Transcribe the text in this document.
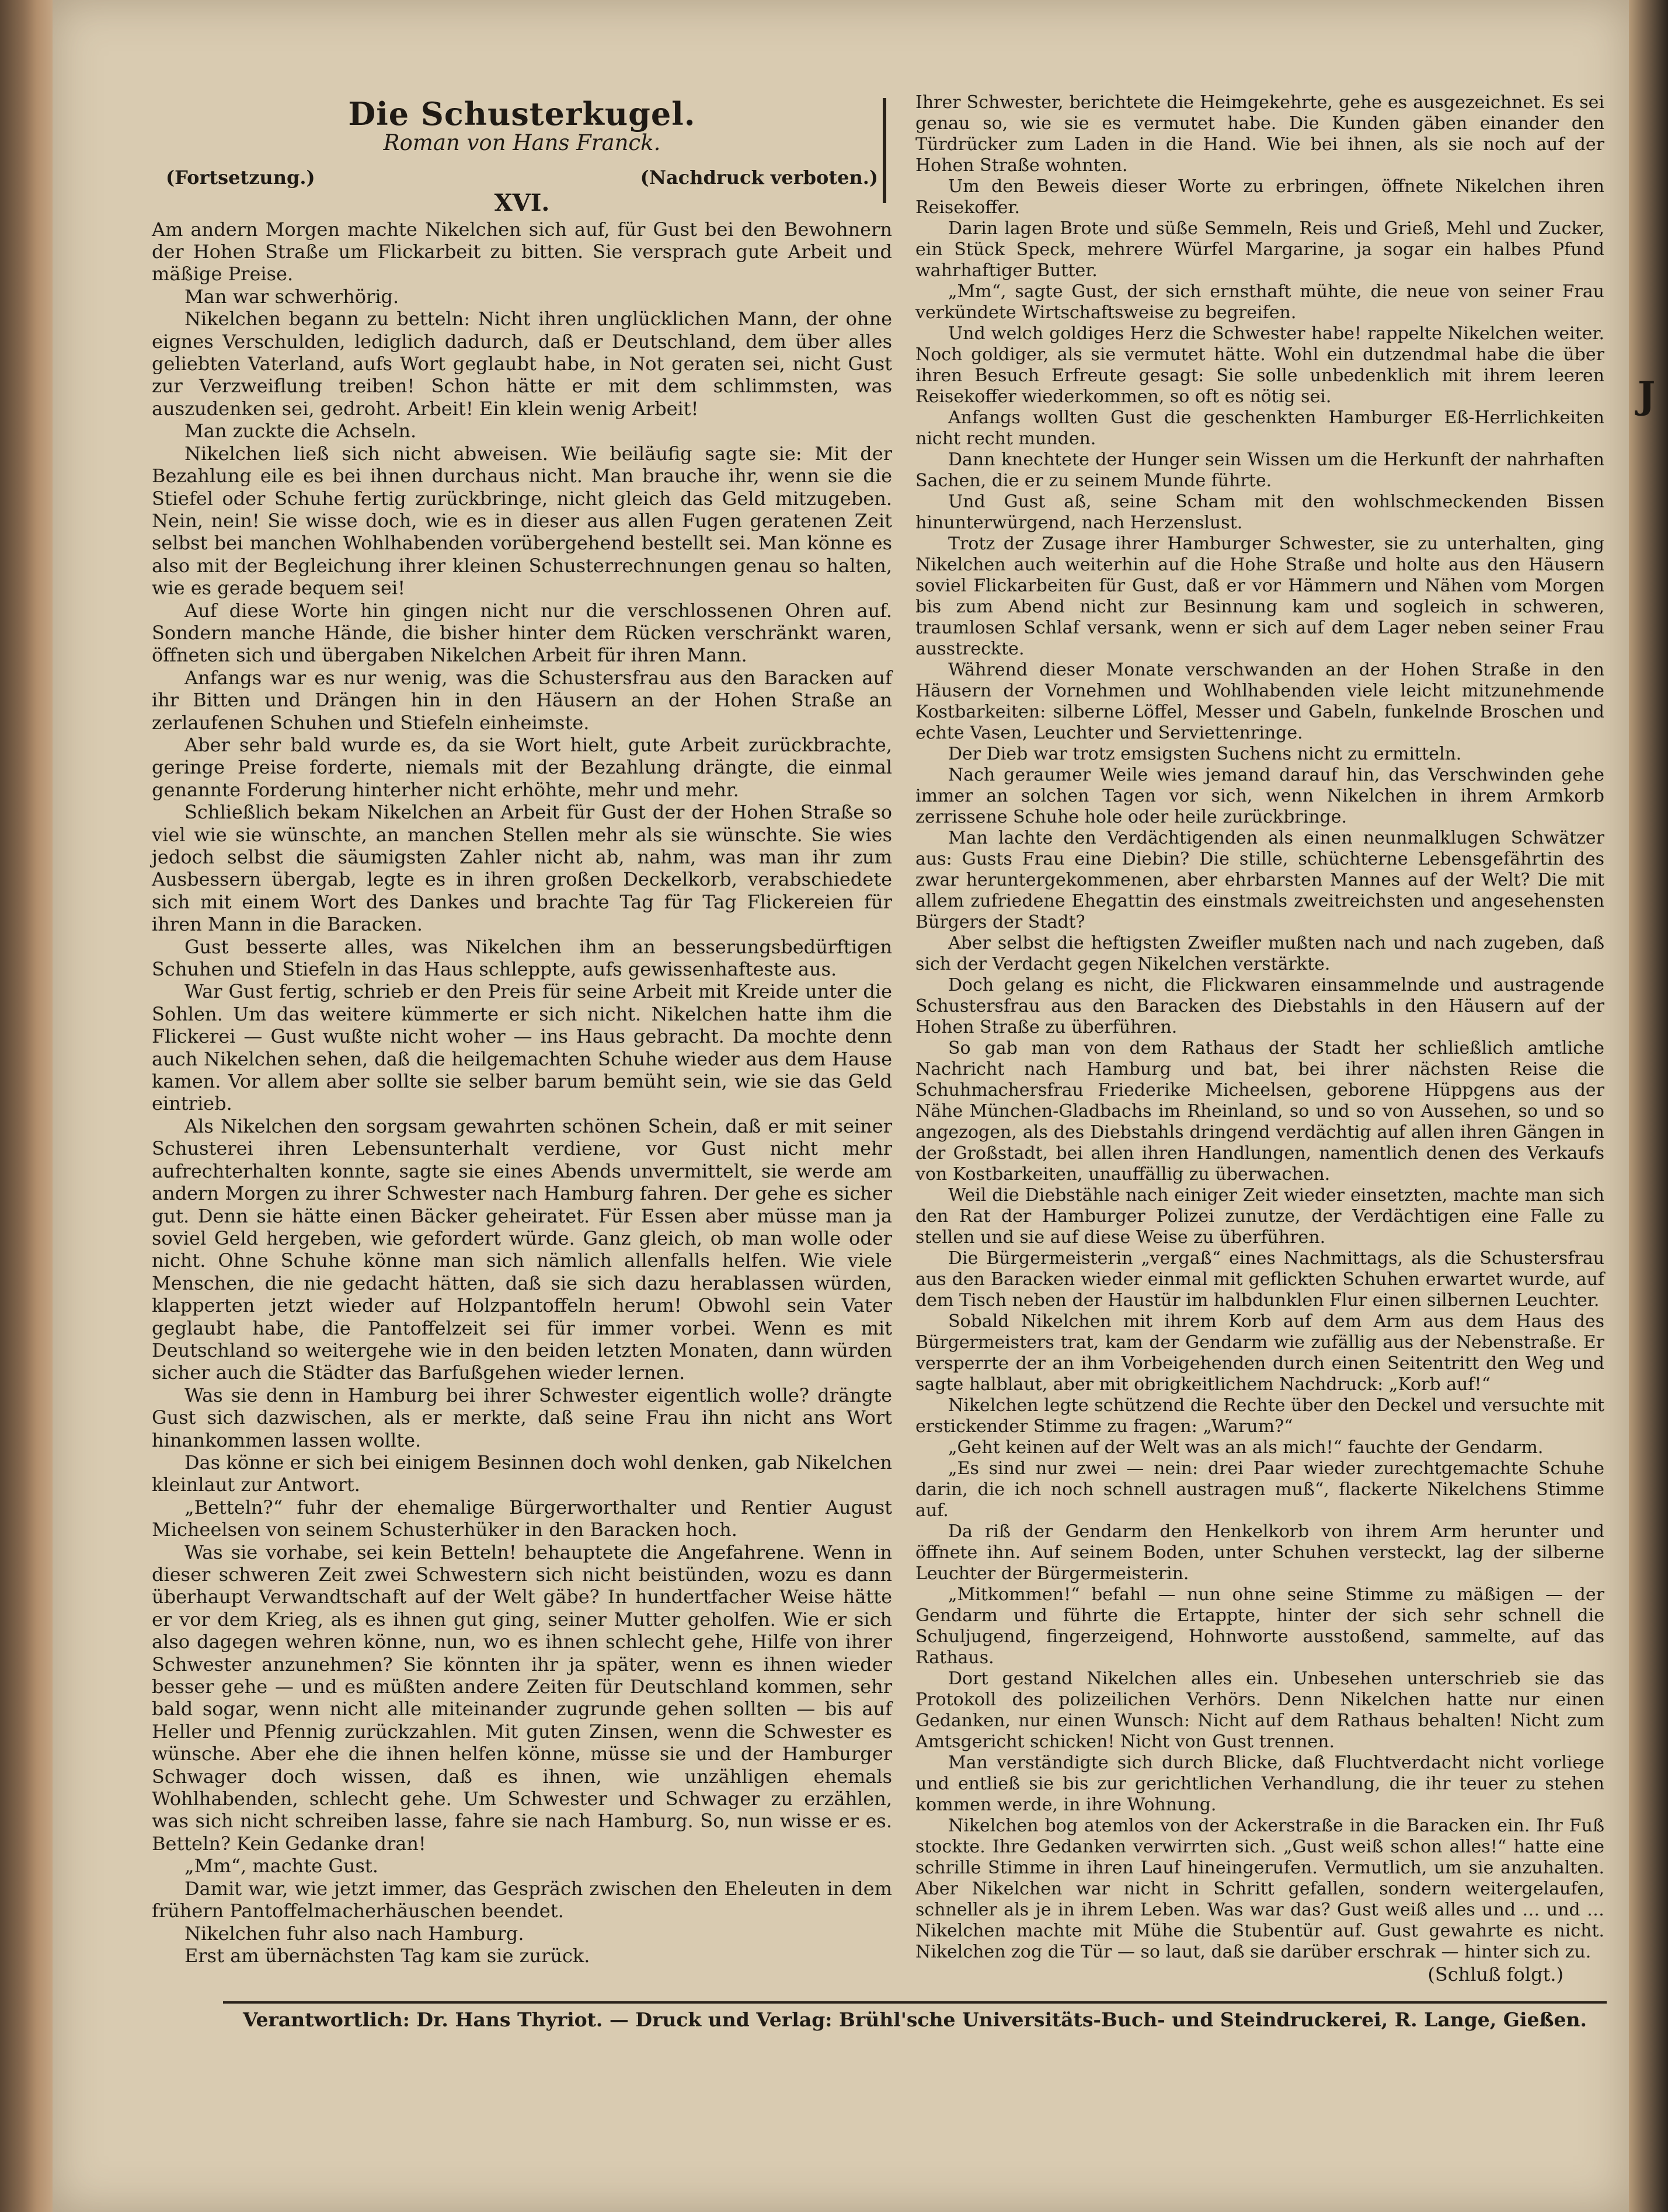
J
Die Schusterkugel.
Roman von Hans Franck.
(Fortsetzung.)	(Nachdruck verboten.)
XVI.

Am andern Morgen machte Nikelchen sich auf, für Gust bei den Bewohnern der Hohen Straße um Flickarbeit zu bitten. Sie versprach gute Arbeit und mäßige Preise.

Man war schwerhörig.

Nikelchen begann zu betteln: Nicht ihren unglücklichen Mann, der ohne eignes Verschulden, lediglich dadurch, daß er Deutschland, dem über alles geliebten Vaterland, aufs Wort geglaubt habe, in Not geraten sei, nicht Gust zur Verzweiflung treiben! Schon hätte er mit dem schlimmsten, was auszudenken sei, gedroht. Arbeit! Ein klein wenig Arbeit!

Man zuckte die Achseln.

Nikelchen ließ sich nicht abweisen. Wie beiläufig sagte sie: Mit der Bezahlung eile es bei ihnen durchaus nicht. Man brauche ihr, wenn sie die Stiefel oder Schuhe fertig zurückbringe, nicht gleich das Geld mitzugeben. Nein, nein! Sie wisse doch, wie es in dieser aus allen Fugen geratenen Zeit selbst bei manchen Wohlhabenden vorübergehend bestellt sei. Man könne es also mit der Begleichung ihrer kleinen Schusterrechnungen genau so halten, wie es gerade bequem sei!

Auf diese Worte hin gingen nicht nur die verschlossenen Ohren auf. Sondern manche Hände, die bisher hinter dem Rücken verschränkt waren, öffneten sich und übergaben Nikelchen Arbeit für ihren Mann.

Anfangs war es nur wenig, was die Schustersfrau aus den Baracken auf ihr Bitten und Drängen hin in den Häusern an der Hohen Straße an zerlaufenen Schuhen und Stiefeln einheimste.

Aber sehr bald wurde es, da sie Wort hielt, gute Arbeit zurückbrachte, geringe Preise forderte, niemals mit der Bezahlung drängte, die einmal genannte Forderung hinterher nicht erhöhte, mehr und mehr.

Schließlich bekam Nikelchen an Arbeit für Gust der der Hohen Straße so viel wie sie wünschte, an manchen Stellen mehr als sie wünschte. Sie wies jedoch selbst die säumigsten Zahler nicht ab, nahm, was man ihr zum Ausbessern übergab, legte es in ihren großen Deckelkorb, verabschiedete sich mit einem Wort des Dankes und brachte Tag für Tag Flickereien für ihren Mann in die Baracken.

Gust besserte alles, was Nikelchen ihm an besserungsbedürftigen Schuhen und Stiefeln in das Haus schleppte, aufs gewissenhafteste aus.

War Gust fertig, schrieb er den Preis für seine Arbeit mit Kreide unter die Sohlen. Um das weitere kümmerte er sich nicht. Nikelchen hatte ihm die Flickerei — Gust wußte nicht woher — ins Haus gebracht. Da mochte denn auch Nikelchen sehen, daß die heilgemachten Schuhe wieder aus dem Hause kamen. Vor allem aber sollte sie selber barum bemüht sein, wie sie das Geld eintrieb.

Als Nikelchen den sorgsam gewahrten schönen Schein, daß er mit seiner Schusterei ihren Lebensunterhalt verdiene, vor Gust nicht mehr aufrechterhalten konnte, sagte sie eines Abends unvermittelt, sie werde am andern Morgen zu ihrer Schwester nach Hamburg fahren. Der gehe es sicher gut. Denn sie hätte einen Bäcker geheiratet. Für Essen aber müsse man ja soviel Geld hergeben, wie gefordert würde. Ganz gleich, ob man wolle oder nicht. Ohne Schuhe könne man sich nämlich allenfalls helfen. Wie viele Menschen, die nie gedacht hätten, daß sie sich dazu herablassen würden, klapperten jetzt wieder auf Holzpantoffeln herum! Obwohl sein Vater geglaubt habe, die Pantoffelzeit sei für immer vorbei. Wenn es mit Deutschland so weitergehe wie in den beiden letzten Monaten, dann würden sicher auch die Städter das Barfußgehen wieder lernen.

Was sie denn in Hamburg bei ihrer Schwester eigentlich wolle? drängte Gust sich dazwischen, als er merkte, daß seine Frau ihn nicht ans Wort hinankommen lassen wollte.

Das könne er sich bei einigem Besinnen doch wohl denken, gab Nikelchen kleinlaut zur Antwort.

„Betteln?“ fuhr der ehemalige Bürgerworthalter und Rentier August Micheelsen von seinem Schusterhüker in den Baracken hoch.

Was sie vorhabe, sei kein Betteln! behauptete die Angefahrene. Wenn in dieser schweren Zeit zwei Schwestern sich nicht beistünden, wozu es dann überhaupt Verwandtschaft auf der Welt gäbe? In hundertfacher Weise hätte er vor dem Krieg, als es ihnen gut ging, seiner Mutter geholfen. Wie er sich also dagegen wehren könne, nun, wo es ihnen schlecht gehe, Hilfe von ihrer Schwester anzunehmen? Sie könnten ihr ja später, wenn es ihnen wieder besser gehe — und es müßten andere Zeiten für Deutschland kommen, sehr bald sogar, wenn nicht alle miteinander zugrunde gehen sollten — bis auf Heller und Pfennig zurückzahlen. Mit guten Zinsen, wenn die Schwester es wünsche. Aber ehe die ihnen helfen könne, müsse sie und der Hamburger Schwager doch wissen, daß es ihnen, wie unzähligen ehemals Wohlhabenden, schlecht gehe. Um Schwester und Schwager zu erzählen, was sich nicht schreiben lasse, fahre sie nach Hamburg. So, nun wisse er es. Betteln? Kein Gedanke dran!

„Mm“, machte Gust.

Damit war, wie jetzt immer, das Gespräch zwischen den Eheleuten in dem frühern Pantoffelmacherhäuschen beendet.

Nikelchen fuhr also nach Hamburg.

Erst am übernächsten Tag kam sie zurück.

Ihrer Schwester, berichtete die Heimgekehrte, gehe es ausgezeichnet. Es sei genau so, wie sie es vermutet habe. Die Kunden gäben einander den Türdrücker zum Laden in die Hand. Wie bei ihnen, als sie noch auf der Hohen Straße wohnten.

Um den Beweis dieser Worte zu erbringen, öffnete Nikelchen ihren Reisekoffer.

Darin lagen Brote und süße Semmeln, Reis und Grieß, Mehl und Zucker, ein Stück Speck, mehrere Würfel Margarine, ja sogar ein halbes Pfund wahrhaftiger Butter.

„Mm“, sagte Gust, der sich ernsthaft mühte, die neue von seiner Frau verkündete Wirtschaftsweise zu begreifen.

Und welch goldiges Herz die Schwester habe! rappelte Nikelchen weiter. Noch goldiger, als sie vermutet hätte. Wohl ein dutzendmal habe die über ihren Besuch Erfreute gesagt: Sie solle unbedenklich mit ihrem leeren Reisekoffer wiederkommen, so oft es nötig sei.

Anfangs wollten Gust die geschenkten Hamburger Eß-Herrlichkeiten nicht recht munden.

Dann knechtete der Hunger sein Wissen um die Herkunft der nahrhaften Sachen, die er zu seinem Munde führte.

Und Gust aß, seine Scham mit den wohlschmeckenden Bissen hinunterwürgend, nach Herzenslust.

Trotz der Zusage ihrer Hamburger Schwester, sie zu unterhalten, ging Nikelchen auch weiterhin auf die Hohe Straße und holte aus den Häusern soviel Flickarbeiten für Gust, daß er vor Hämmern und Nähen vom Morgen bis zum Abend nicht zur Besinnung kam und sogleich in schweren, traumlosen Schlaf versank, wenn er sich auf dem Lager neben seiner Frau ausstreckte.

Während dieser Monate verschwanden an der Hohen Straße in den Häusern der Vornehmen und Wohlhabenden viele leicht mitzunehmende Kostbarkeiten: silberne Löffel, Messer und Gabeln, funkelnde Broschen und echte Vasen, Leuchter und Serviettenringe.

Der Dieb war trotz emsigsten Suchens nicht zu ermitteln.

Nach geraumer Weile wies jemand darauf hin, das Verschwinden gehe immer an solchen Tagen vor sich, wenn Nikelchen in ihrem Armkorb zerrissene Schuhe hole oder heile zurückbringe.

Man lachte den Verdächtigenden als einen neunmalklugen Schwätzer aus: Gusts Frau eine Diebin? Die stille, schüchterne Lebensgefährtin des zwar heruntergekommenen, aber ehrbarsten Mannes auf der Welt? Die mit allem zufriedene Ehegattin des einstmals zweitreichsten und angesehensten Bürgers der Stadt?

Aber selbst die heftigsten Zweifler mußten nach und nach zugeben, daß sich der Verdacht gegen Nikelchen verstärkte.

Doch gelang es nicht, die Flickwaren einsammelnde und austragende Schustersfrau aus den Baracken des Diebstahls in den Häusern auf der Hohen Straße zu überführen.

So gab man von dem Rathaus der Stadt her schließlich amtliche Nachricht nach Hamburg und bat, bei ihrer nächsten Reise die Schuhmachersfrau Friederike Micheelsen, geborene Hüppgens aus der Nähe München-Gladbachs im Rheinland, so und so von Aussehen, so und so angezogen, als des Diebstahls dringend verdächtig auf allen ihren Gängen in der Großstadt, bei allen ihren Handlungen, namentlich denen des Verkaufs von Kostbarkeiten, unauffällig zu überwachen.

Weil die Diebstähle nach einiger Zeit wieder einsetzten, machte man sich den Rat der Hamburger Polizei zunutze, der Verdächtigen eine Falle zu stellen und sie auf diese Weise zu überführen.

Die Bürgermeisterin „vergaß“ eines Nachmittags, als die Schustersfrau aus den Baracken wieder einmal mit geflickten Schuhen erwartet wurde, auf dem Tisch neben der Haustür im halbdunklen Flur einen silbernen Leuchter.

Sobald Nikelchen mit ihrem Korb auf dem Arm aus dem Haus des Bürgermeisters trat, kam der Gendarm wie zufällig aus der Nebenstraße. Er versperrte der an ihm Vorbeigehenden durch einen Seitentritt den Weg und sagte halblaut, aber mit obrigkeitlichem Nachdruck: „Korb auf!“

Nikelchen legte schützend die Rechte über den Deckel und versuchte mit erstickender Stimme zu fragen: „Warum?“

„Geht keinen auf der Welt was an als mich!“ fauchte der Gendarm.

„Es sind nur zwei — nein: drei Paar wieder zurechtgemachte Schuhe darin, die ich noch schnell austragen muß“, flackerte Nikelchens Stimme auf.

Da riß der Gendarm den Henkelkorb von ihrem Arm herunter und öffnete ihn. Auf seinem Boden, unter Schuhen versteckt, lag der silberne Leuchter der Bürgermeisterin.

„Mitkommen!“ befahl — nun ohne seine Stimme zu mäßigen — der Gendarm und führte die Ertappte, hinter der sich sehr schnell die Schuljugend, fingerzeigend, Hohnworte ausstoßend, sammelte, auf das Rathaus.

Dort gestand Nikelchen alles ein. Unbesehen unterschrieb sie das Protokoll des polizeilichen Verhörs. Denn Nikelchen hatte nur einen Gedanken, nur einen Wunsch: Nicht auf dem Rathaus behalten! Nicht zum Amtsgericht schicken! Nicht von Gust trennen.

Man verständigte sich durch Blicke, daß Fluchtverdacht nicht vorliege und entließ sie bis zur gerichtlichen Verhandlung, die ihr teuer zu stehen kommen werde, in ihre Wohnung.

Nikelchen bog atemlos von der Ackerstraße in die Baracken ein. Ihr Fuß stockte. Ihre Gedanken verwirrten sich. „Gust weiß schon alles!“ hatte eine schrille Stimme in ihren Lauf hineingerufen. Vermutlich, um sie anzuhalten. Aber Nikelchen war nicht in Schritt gefallen, sondern weitergelaufen, schneller als je in ihrem Leben. Was war das? Gust weiß alles und … und … Nikelchen machte mit Mühe die Stubentür auf. Gust gewahrte es nicht. Nikelchen zog die Tür — so laut, daß sie darüber erschrak — hinter sich zu.

(Schluß folgt.)
Verantwortlich: Dr. Hans Thyriot. — Druck und Verlag: Brühl'sche Universitäts-Buch- und Steindruckerei, R. Lange, Gießen.
